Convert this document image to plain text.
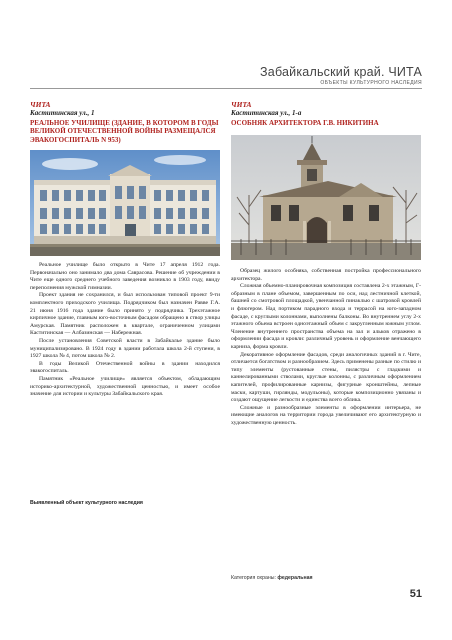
Забайкальский край. ЧИТА
ОБЪЕКТЫ КУЛЬТУРНОГО НАСЛЕДИЯ
ЧИТА
Каститинская ул., 1
РЕАЛЬНОЕ УЧИЛИЩЕ (ЗДАНИЕ, В КОТОРОМ В ГОДЫ ВЕЛИКОЙ ОТЕЧЕСТВЕННОЙ ВОЙНЫ РАЗМЕЩАЛСЯ ЭВАКОГОСПИТАЛЬ N 953)

Реальное училище было открыто в Чите 17 апреля 1912 года. Первоначально оно занимало два дома Саврасова. Решение об учреждении в Чите еще одного среднего учебного заведения возникло в 1903 году, ввиду переполнения мужской гимназии.

Проект здания не сохранился, и был использован типовой проект 9-ти комплектного приходского училища. Подрядчиком был назначен Равве Г.А. 21 июня 1916 года здание было принято у подрядчика. Трехэтажное кирпичное здание, главным юго-восточным фасадом обращено в створ улицы Амурская. Памятник расположен в квартале, ограниченном улицами Каститинская — Албазинская — Набережная.

После установления Советской власти в Забайкалье здание было муниципализировано. В 1924 году в здании работала школа 2-й ступени, в 1927 школа № 4, потом школа № 2.

В годы Великой Отечественной войны в здании находился эвакогоспиталь.

Памятник «Реальное училище» является объектом, обладающим историко-архитектурной, художественной ценностью, и имеет особое значение для истории и культуры Забайкальского края.

Выявленный объект культурного наследия
ЧИТА
Каститинская ул., 1-а
ОСОБНЯК АРХИТЕКТОРА Г.В. НИКИТИНА

Образец жилого особняка, собственная постройка профессионального архитектора.

Сложная объемно-планировочная композиция составлена 2-х этажным, Г-образным в плане объемом, завершенным по оси, над лестничной клеткой, башней со смотровой площадкой, увенчанной пинаклью с шатровой кровлей и флюгером. Над портиком парадного входа и террасой на юго-западном фасаде, с круглыми колоннами, выполнены балконы. Во внутреннем углу 2-х этажного объема встроен одноэтажный объем с закругленным южным углом. Членение внутреннего пространства объема на зал и альков отражено в оформлении фасада и кровли: различный уровень и оформление венчающего карниза, форма кровли.

Декоративное оформление фасадов, среди аналогичных зданий в г. Чите, отличается богатством и разнообразием. Здесь применены разные по стилю и типу элементы (рустованные стены, пилястры с гладкими и каннелированными стволами, круглые колонны, с различным оформлением капителей, профилированные карнизы, фигурные кронштейны, лепные маски, картуши, гирлянды, модульоны), которые композиционно увязаны и создают ощущение легкости и единства всего облика.

Сложные и разнообразные элементы в оформлении интерьера, не имеющие аналогов на территории города увеличивают его архитектурную и художественную ценность.

Категория охраны: федеральная
51
